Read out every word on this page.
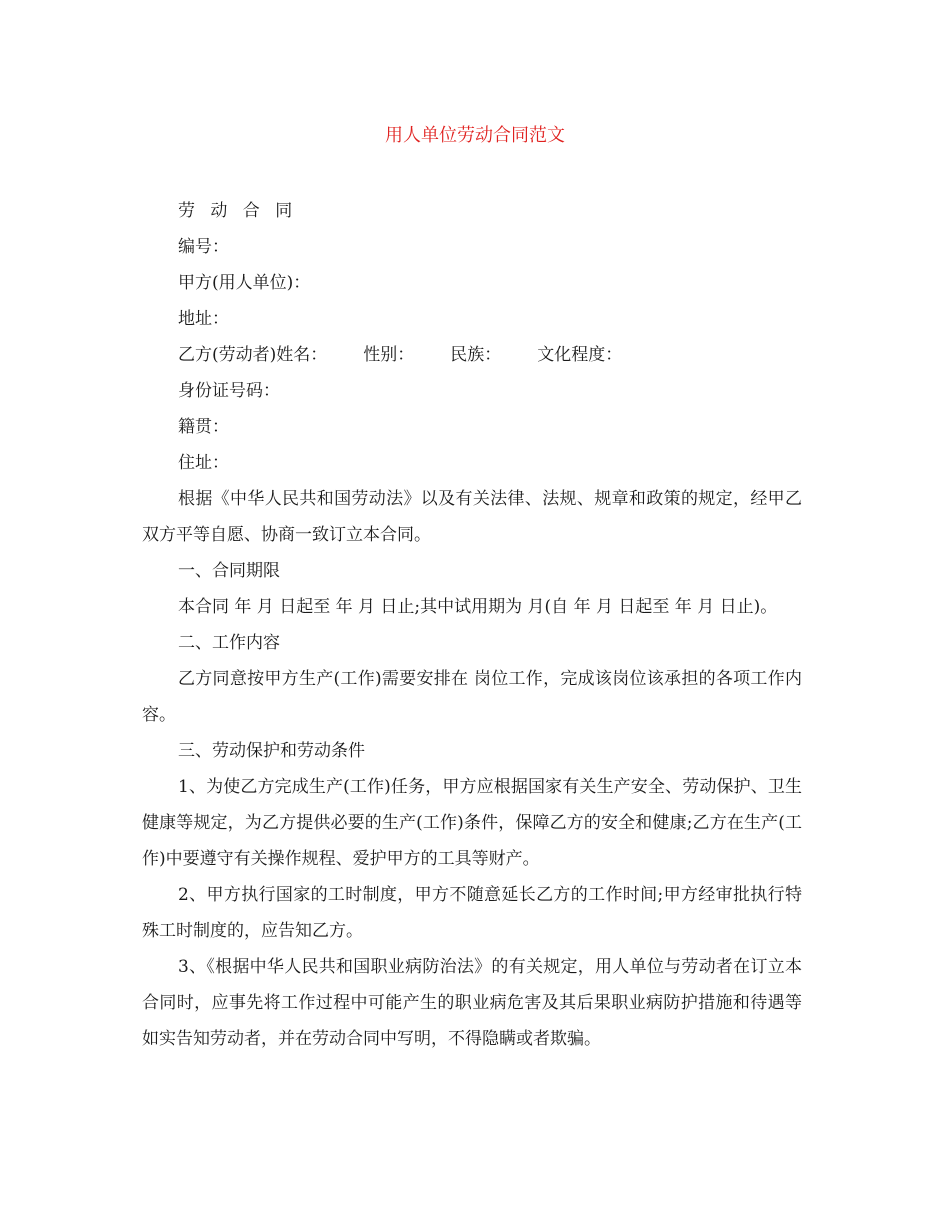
用人单位劳动合同范文
劳 动 合 同
编号：
甲方(用人单位)：
地址：
乙方(劳动者)姓名： 性别： 民族： 文化程度：
身份证号码：
籍贯：
住址：

根据《中华人民共和国劳动法》以及有关法律、法规、规章和政策的规定，经甲乙双方平等自愿、协商一致订立本合同。

一、合同期限

本合同 年 月 日起至 年 月 日止;其中试用期为 月(自 年 月 日起至 年 月 日止)。

二、工作内容

乙方同意按甲方生产(工作)需要安排在 岗位工作，完成该岗位该承担的各项工作内容。

三、劳动保护和劳动条件

1、为使乙方完成生产(工作)任务，甲方应根据国家有关生产安全、劳动保护、卫生健康等规定，为乙方提供必要的生产(工作)条件，保障乙方的安全和健康;乙方在生产(工作)中要遵守有关操作规程、爱护甲方的工具等财产。

2、甲方执行国家的工时制度，甲方不随意延长乙方的工作时间;甲方经审批执行特殊工时制度的，应告知乙方。

3、《根据中华人民共和国职业病防治法》的有关规定，用人单位与劳动者在订立本合同时，应事先将工作过程中可能产生的职业病危害及其后果职业病防护措施和待遇等如实告知劳动者，并在劳动合同中写明，不得隐瞒或者欺骗。
